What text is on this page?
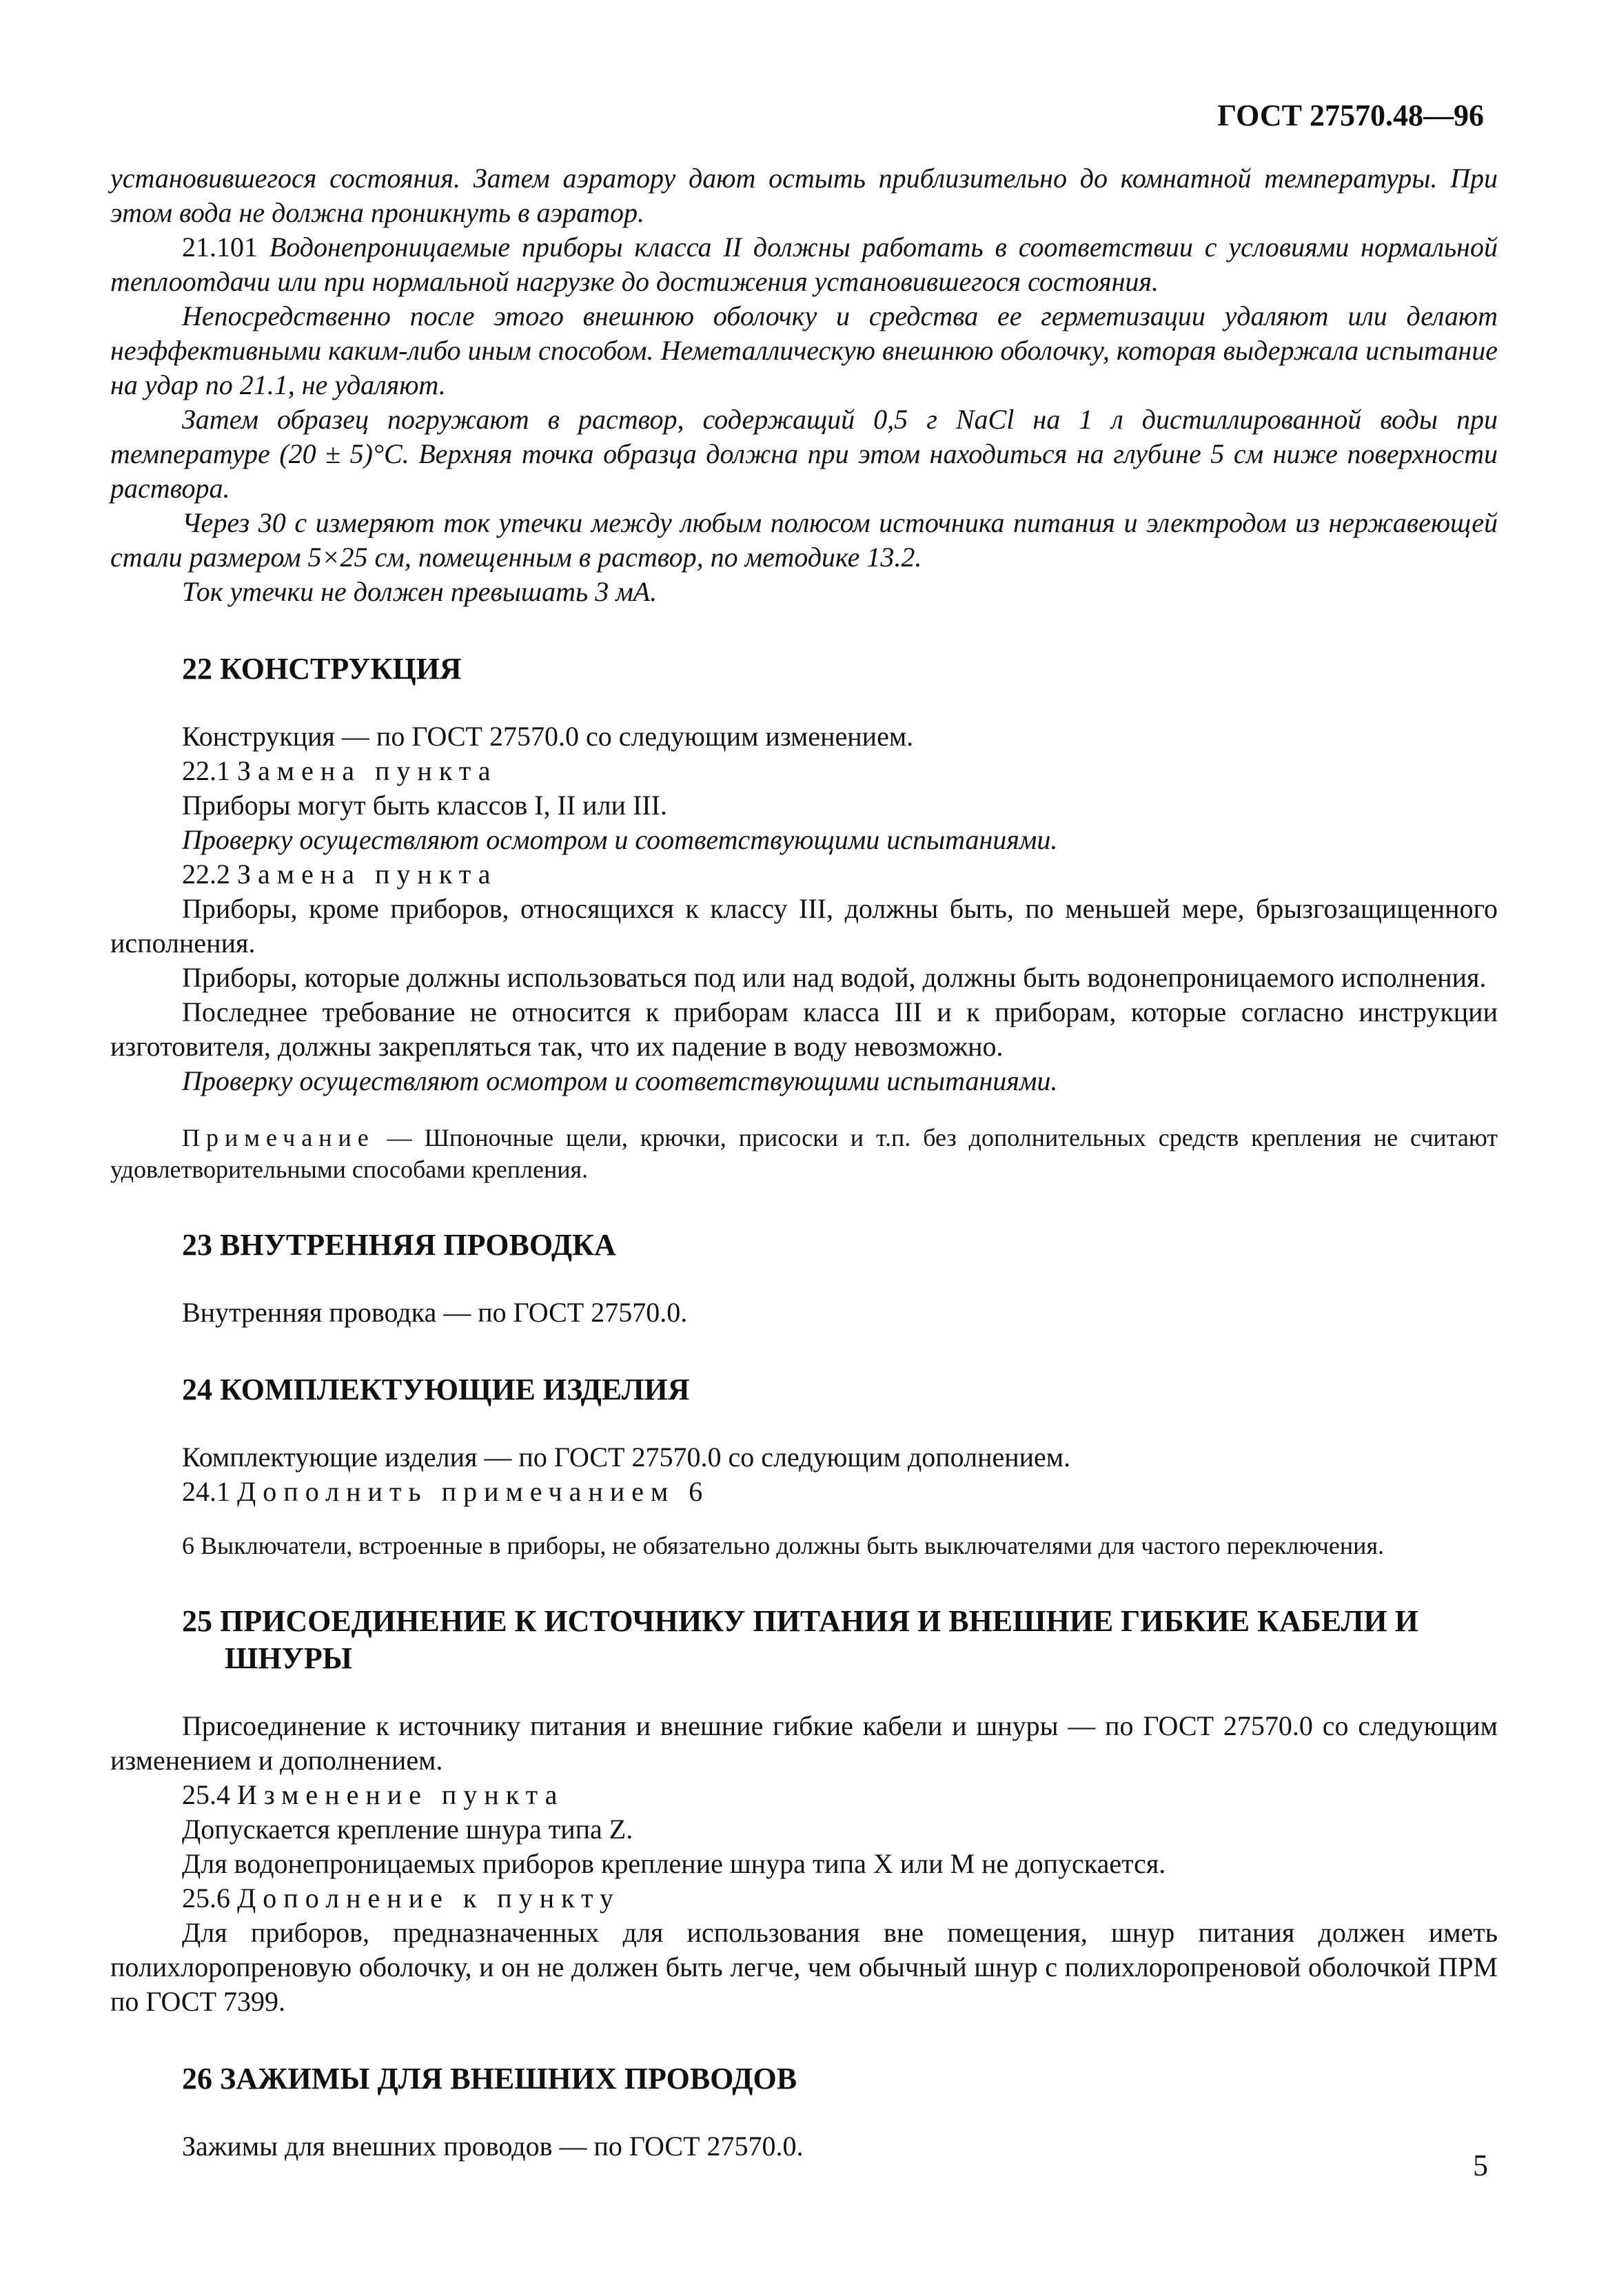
ГОСТ 27570.48—96

установившегося состояния. Затем аэратору дают остыть приблизительно до комнатной температуры. При этом вода не должна проникнуть в аэратор.

21.101 Водонепроницаемые приборы класса II должны работать в соответствии с условиями нормальной теплоотдачи или при нормальной нагрузке до достижения установившегося состояния.

Непосредственно после этого внешнюю оболочку и средства ее герметизации удаляют или делают неэффективными каким-либо иным способом. Неметаллическую внешнюю оболочку, которая выдержала испытание на удар по 21.1, не удаляют.

Затем образец погружают в раствор, содержащий 0,5 г NaCl на 1 л дистиллированной воды при температуре (20 ± 5)°С. Верхняя точка образца должна при этом находиться на глубине 5 см ниже поверхности раствора.

Через 30 с измеряют ток утечки между любым полюсом источника питания и электродом из нержавеющей стали размером 5×25 см, помещенным в раствор, по методике 13.2.

Ток утечки не должен превышать 3 мА.

22 КОНСТРУКЦИЯ

Конструкция — по ГОСТ 27570.0 со следующим изменением.

22.1 Замена пункта

Приборы могут быть классов I, II или III.

Проверку осуществляют осмотром и соответствующими испытаниями.

22.2 Замена пункта

Приборы, кроме приборов, относящихся к классу III, должны быть, по меньшей мере, брызгозащищенного исполнения.

Приборы, которые должны использоваться под или над водой, должны быть водонепроницаемого исполнения.

Последнее требование не относится к приборам класса III и к приборам, которые согласно инструкции изготовителя, должны закрепляться так, что их падение в воду невозможно.

Проверку осуществляют осмотром и соответствующими испытаниями.

Примечание — Шпоночные щели, крючки, присоски и т.п. без дополнительных средств крепления не считают удовлетворительными способами крепления.

23 ВНУТРЕННЯЯ ПРОВОДКА

Внутренняя проводка — по ГОСТ 27570.0.

24 КОМПЛЕКТУЮЩИЕ ИЗДЕЛИЯ

Комплектующие изделия — по ГОСТ 27570.0 со следующим дополнением.

24.1 Дополнить примечанием 6

6 Выключатели, встроенные в приборы, не обязательно должны быть выключателями для частого переключения.

25 ПРИСОЕДИНЕНИЕ К ИСТОЧНИКУ ПИТАНИЯ И ВНЕШНИЕ ГИБКИЕ КАБЕЛИ И ШНУРЫ

Присоединение к источнику питания и внешние гибкие кабели и шнуры — по ГОСТ 27570.0 со следующим изменением и дополнением.

25.4 Изменение пункта

Допускается крепление шнура типа Z.

Для водонепроницаемых приборов крепление шнура типа X или M не допускается.

25.6 Дополнение к пункту

Для приборов, предназначенных для использования вне помещения, шнур питания должен иметь полихлоропреновую оболочку, и он не должен быть легче, чем обычный шнур с полихлоропреновой оболочкой ПРМ по ГОСТ 7399.

26 ЗАЖИМЫ ДЛЯ ВНЕШНИХ ПРОВОДОВ

Зажимы для внешних проводов — по ГОСТ 27570.0.

5
